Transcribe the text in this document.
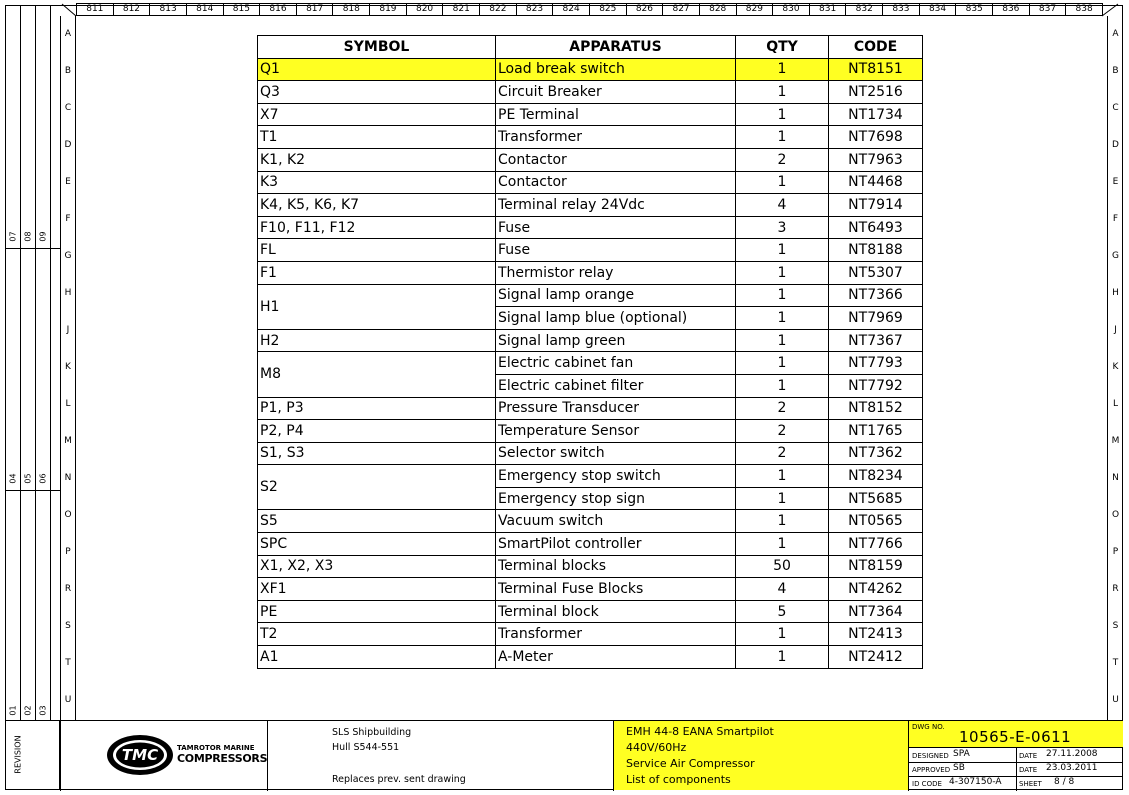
811	812	813	814	815	816	817	818	819	820	821	822	823	824	825	826	827	828	829	830	831	832	833	834	835	836	837	838
07 08 09
04 05 06
01 02 03
REVISION
A
B
C
D
E
F
G
H
J
K
L
M
N
O
P
R
S
T
U
A
B
C
D
E
F
G
H
J
K
L
M
N
O
P
R
S
T
U
SYMBOL	APPARATUS	QTY	CODE
Q1	Load break switch	1	NT8151
Q3	Circuit Breaker	1	NT2516
X7	PE Terminal	1	NT1734
T1	Transformer	1	NT7698
K1, K2	Contactor	2	NT7963
K3	Contactor	1	NT4468
K4, K5, K6, K7	Terminal relay 24Vdc	4	NT7914
F10, F11, F12	Fuse	3	NT6493
FL	Fuse	1	NT8188
F1	Thermistor relay	1	NT5307
H1	Signal lamp orange	1	NT7366
	Signal lamp blue (optional)	1	NT7969
H2	Signal lamp green	1	NT7367
M8	Electric cabinet fan	1	NT7793
	Electric cabinet filter	1	NT7792
P1, P3	Pressure Transducer	2	NT8152
P2, P4	Temperature Sensor	2	NT1765
S1, S3	Selector switch	2	NT7362
S2	Emergency stop switch	1	NT8234
	Emergency stop sign	1	NT5685
S5	Vacuum switch	1	NT0565
SPC	SmartPilot controller	1	NT7766
X1, X2, X3	Terminal blocks	50	NT8159
XF1	Terminal Fuse Blocks	4	NT4262
PE	Terminal block	5	NT7364
T2	Transformer	1	NT2413
A1	A-Meter	1	NT2412
TMC	TAMROTOR MARINE
COMPRESSORS
SLS Shipbuilding
Hull S544-551
Replaces prev. sent drawing
EMH 44-8 EANA Smartpilot
440V/60Hz
Service Air Compressor
List of components
DWG NO.
10565-E-0611
DESIGNED SPA
APPROVED SB
ID CODE 4-307150-A
DATE 27.11.2008
DATE 23.03.2011
SHEET 8 / 8
